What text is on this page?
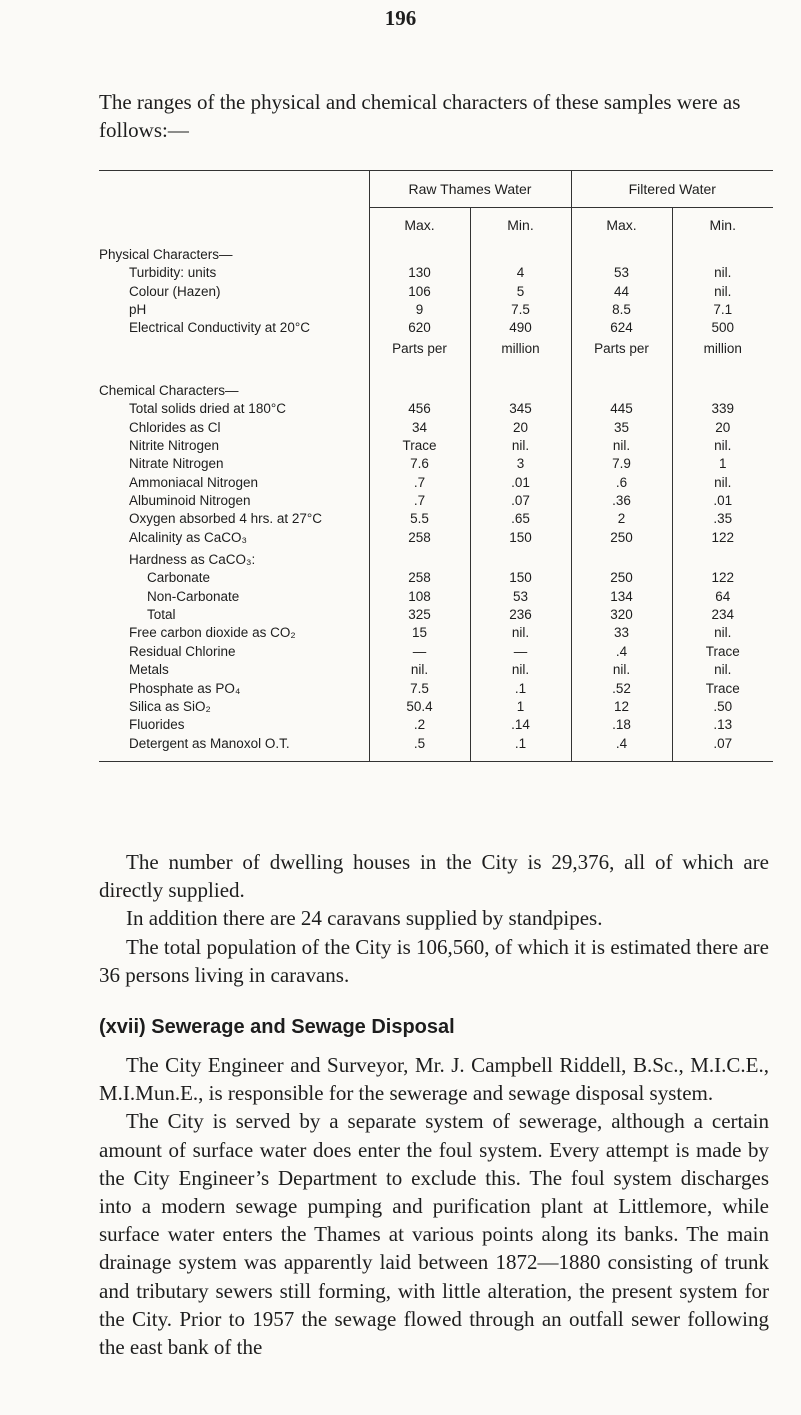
196
The ranges of the physical and chemical characters of these samples were as follows:—
	Raw Thames Water		Filtered Water	
	Max.	Min.	Max.	Min.
Physical Characters—				
Turbidity: units	130	4	53	nil.
Colour (Hazen)	106	5	44	nil.
pH	9	7.5	8.5	7.1
Electrical Conductivity at 20°C	620	490	624	500
	Parts per	million	Parts per	million

Chemical Characters—				
Total solids dried at 180°C	456	345	445	339
Chlorides as Cl	34	20	35	20
Nitrite Nitrogen	Trace	nil.	nil.	nil.
Nitrate Nitrogen	7.6	3	7.9	1
Ammoniacal Nitrogen	.7	.01	.6	nil.
Albuminoid Nitrogen	.7	.07	.36	.01
Oxygen absorbed 4 hrs. at 27°C	5.5	.65	2	.35
Alcalinity as CaCO₃	258	150	250	122
Hardness as CaCO₃:				
Carbonate	258	150	250	122
Non-Carbonate	108	53	134	64
Total	325	236	320	234
Free carbon dioxide as CO₂	15	nil.	33	nil.
Residual Chlorine	—	—	.4	Trace
Metals	nil.	nil.	nil.	nil.
Phosphate as PO₄	7.5	.1	.52	Trace
Silica as SiO₂	50.4	1	12	.50
Fluorides	.2	.14	.18	.13
Detergent as Manoxol O.T.	.5	.1	.4	.07

The number of dwelling houses in the City is 29,376, all of which are directly supplied.

In addition there are 24 caravans supplied by standpipes.

The total population of the City is 106,560, of which it is estimated there are 36 persons living in caravans.

(xvii) Sewerage and Sewage Disposal

The City Engineer and Surveyor, Mr. J. Campbell Riddell, B.Sc., M.I.C.E., M.I.Mun.E., is responsible for the sewerage and sewage disposal system.

The City is served by a separate system of sewerage, although a certain amount of surface water does enter the foul system. Every attempt is made by the City Engineer’s Department to exclude this. The foul system discharges into a modern sewage pumping and purification plant at Littlemore, while surface water enters the Thames at various points along its banks. The main drainage system was apparently laid between 1872—1880 consisting of trunk and tributary sewers still forming, with little alteration, the present system for the City. Prior to 1957 the sewage flowed through an outfall sewer following the east bank of the
